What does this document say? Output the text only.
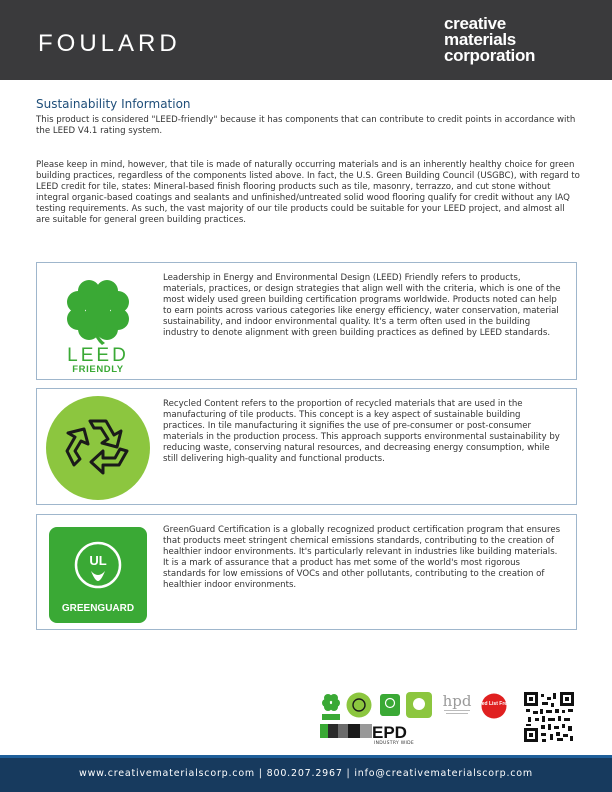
FOULARD
creative
materials
corporation
Sustainability Information
This product is considered "LEED-friendly" because it has components that can contribute to credit points in accordance with the LEED V4.1 rating system.
Please keep in mind, however, that tile is made of naturally occurring materials and is an inherently healthy choice for green building practices, regardless of the components listed above. In fact, the U.S. Green Building Council (USGBC), with regard to LEED credit for tile, states: Mineral-based finish flooring products such as tile, masonry, terrazzo, and cut stone without integral organic-based coatings and sealants and unfinished/untreated solid wood flooring qualify for credit without any IAQ testing requirements. As such, the vast majority of our tile products could be suitable for your LEED project, and almost all are suitable for general green building practices.
LEED
FRIENDLY
Leadership in Energy and Environmental Design (LEED) Friendly refers to products, materials, practices, or design strategies that align well with the criteria, which is one of the most widely used green building certification programs worldwide. Products noted can help to earn points across various categories like energy efficiency, water conservation, material sustainability, and indoor environmental quality. It's a term often used in the building industry to denote alignment with green building practices as defined by LEED standards.
Recycled Content refers to the proportion of recycled materials that are used in the manufacturing of tile products. This concept is a key aspect of sustainable building practices. In tile manufacturing it signifies the use of pre-consumer or post-consumer materials in the production process. This approach supports environmental sustainability by reducing waste, conserving natural resources, and decreasing energy consumption, while still delivering high-quality and functional products.
UL
GREENGUARD
GreenGuard Certification is a globally recognized product certification program that ensures that products meet stringent chemical emissions standards, contributing to the creation of healthier indoor environments. It's particularly relevant in industries like building materials. It is a mark of assurance that a product has met some of the world's most rigorous standards for low emissions of VOCs and other pollutants, contributing to the creation of healthier indoor environments.
hpd Red List Free
EPD
INDUSTRY WIDE
www.creativematerialscorp.com | 800.207.2967 | info@creativematerialscorp.com
